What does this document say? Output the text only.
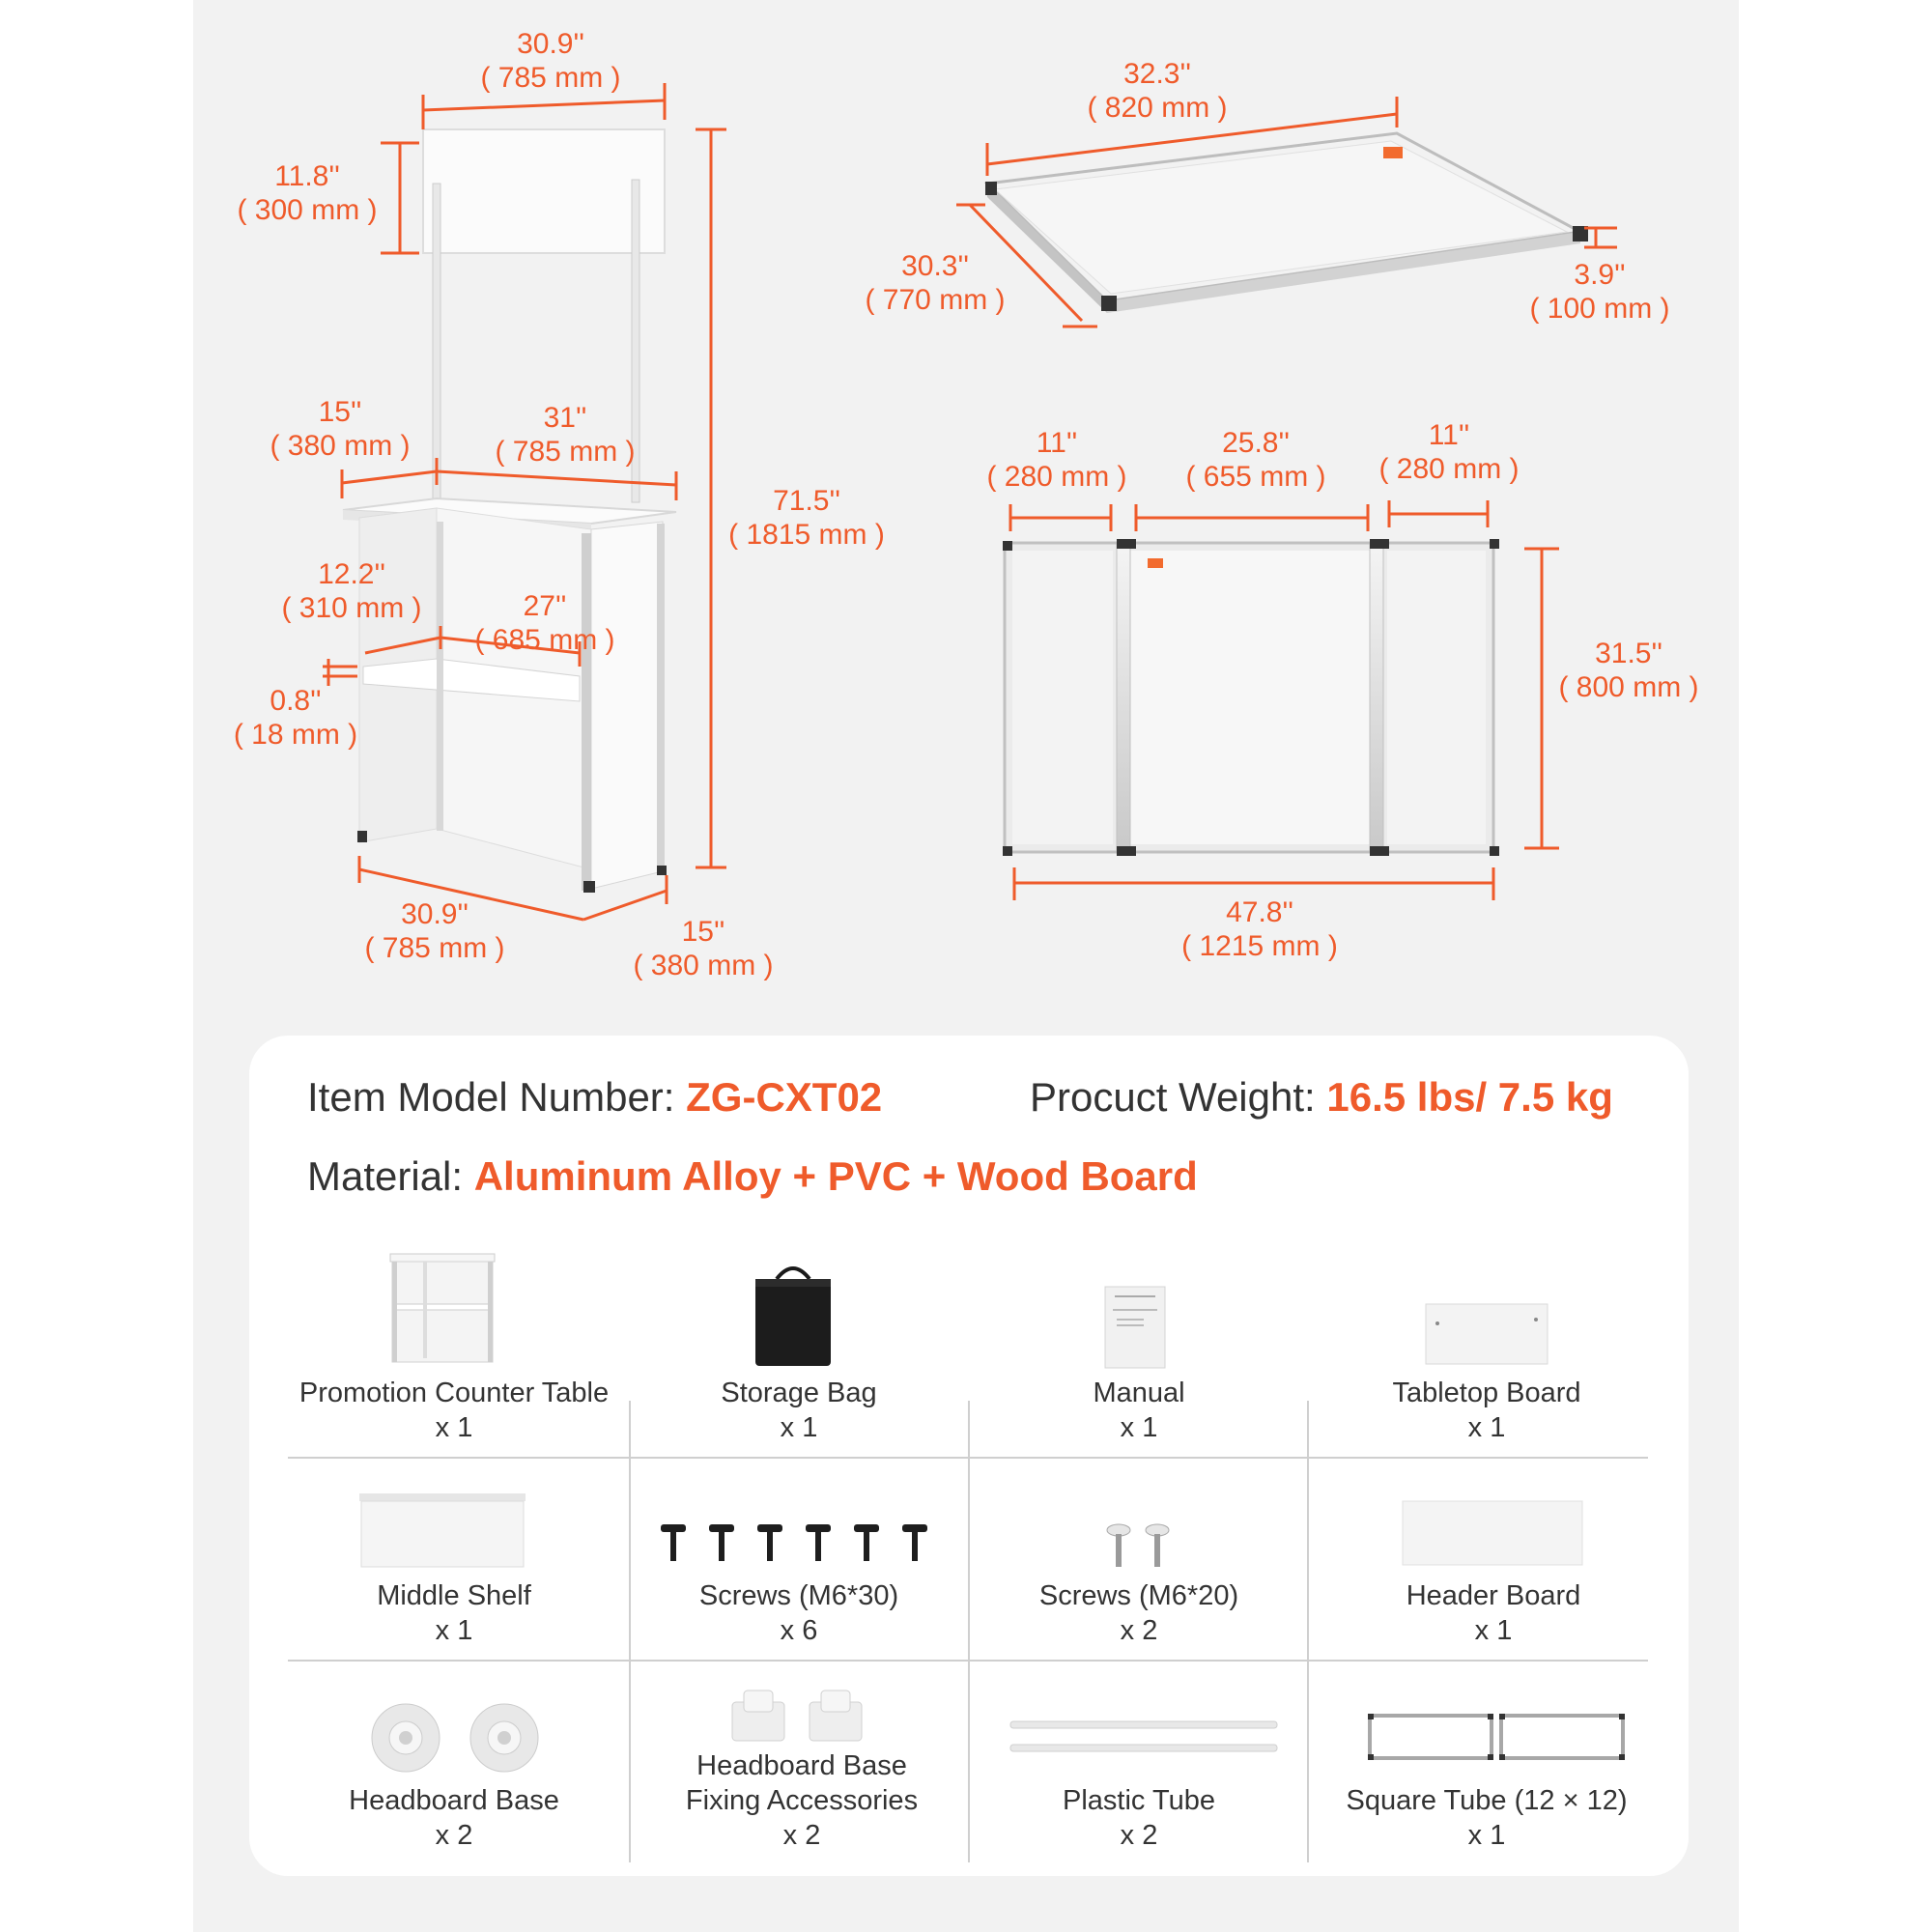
30.9''
( 785 mm )
11.8''
( 300 mm )
71.5''
( 1815 mm )
15''
( 380 mm )
31''
( 785 mm )
12.2''
( 310 mm )	27''
( 685 mm )
0.8''
( 18 mm )
30.9''
( 785 mm )
15''
( 380 mm )
32.3''
( 820 mm )
30.3''
( 770 mm )
3.9''
( 100 mm )
11''
( 280 mm )
25.8''
( 655 mm )
11''
( 280 mm )
31.5''
( 800 mm )
47.8''
( 1215 mm )
Item Model Number: ZG-CXT02	Procuct Weight: 16.5 lbs/ 7.5 kg
Material: Aluminum Alloy + PVC + Wood Board
Promotion Counter Table
x 1
Storage Bag
x 1
Manual
x 1
Tabletop Board
x 1
Middle Shelf
x 1
Screws (M6*30)
x 6
Screws (M6*20)
x 2
Header Board
x 1
Headboard Base
x 2
Headboard Base Fixing Accessories
x 2
Plastic Tube
x 2
Square Tube (12 × 12)
x 1
